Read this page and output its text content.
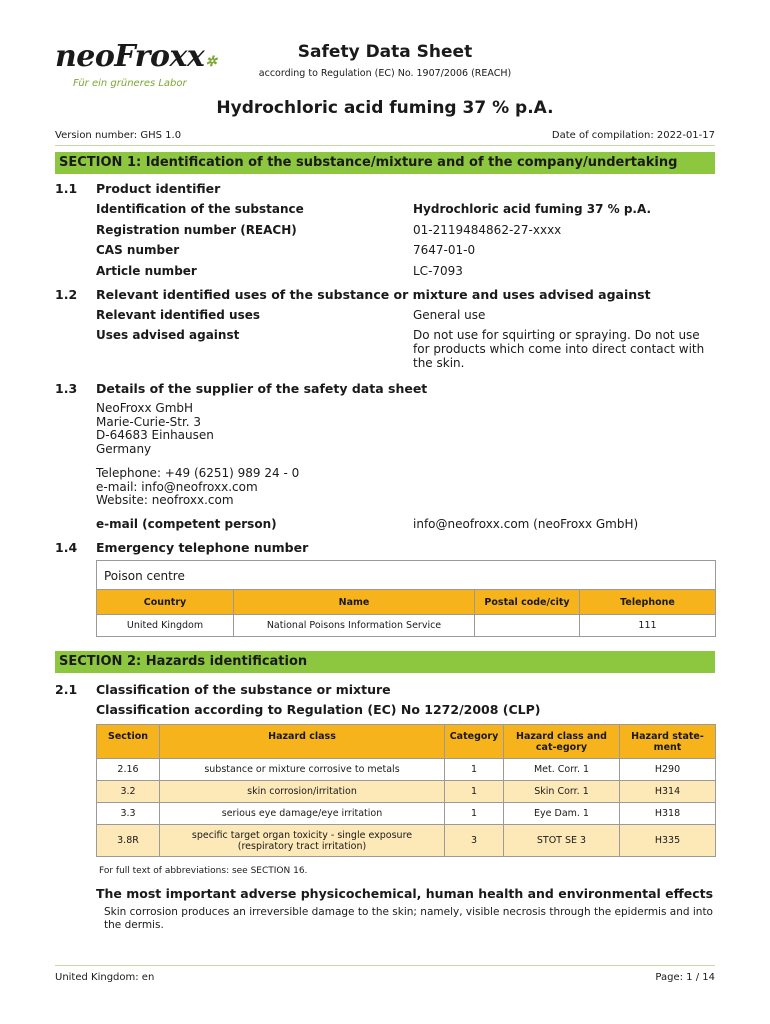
neoFroxx✲
Für ein grüneres Labor
Safety Data Sheet
according to Regulation (EC) No. 1907/2006 (REACH)
Hydrochloric acid fuming 37 % p.A.
Version number: GHS 1.0	Date of compilation: 2022-01-17
SECTION 1: Identification of the substance/mixture and of the company/undertaking
1.1 Product identifier
Identification of the substance	Hydrochloric acid fuming 37 % p.A.
Registration number (REACH)	01-2119484862-27-xxxx
CAS number	7647-01-0
Article number	LC-7093
1.2 Relevant identified uses of the substance or mixture and uses advised against
Relevant identified uses	General use
Uses advised against	Do not use for squirting or spraying. Do not use for products which come into direct contact with the skin.
1.3 Details of the supplier of the safety data sheet
NeoFroxx GmbH
Marie-Curie-Str. 3
D-64683 Einhausen
Germany
Telephone: +49 (6251) 989 24 - 0
e-mail: info@neofroxx.com
Website: neofroxx.com
e-mail (competent person)	info@neofroxx.com (neoFroxx GmbH)
1.4 Emergency telephone number
Poison centre
Country	Name	Postal code/city	Telephone
United Kingdom	National Poisons Information Service		111
SECTION 2: Hazards identification
2.1 Classification of the substance or mixture
Classification according to Regulation (EC) No 1272/2008 (CLP)
Section	Hazard class	Category	Hazard class and cat-egory	Hazard state-ment
2.16	substance or mixture corrosive to metals	1	Met. Corr. 1	H290
3.2	skin corrosion/irritation	1	Skin Corr. 1	H314
3.3	serious eye damage/eye irritation	1	Eye Dam. 1	H318
3.8R	specific target organ toxicity - single exposure (respiratory tract irritation)	3	STOT SE 3	H335
For full text of abbreviations: see SECTION 16.
The most important adverse physicochemical, human health and environmental effects
Skin corrosion produces an irreversible damage to the skin; namely, visible necrosis through the epidermis and into the dermis.
United Kingdom: en	Page: 1 / 14
